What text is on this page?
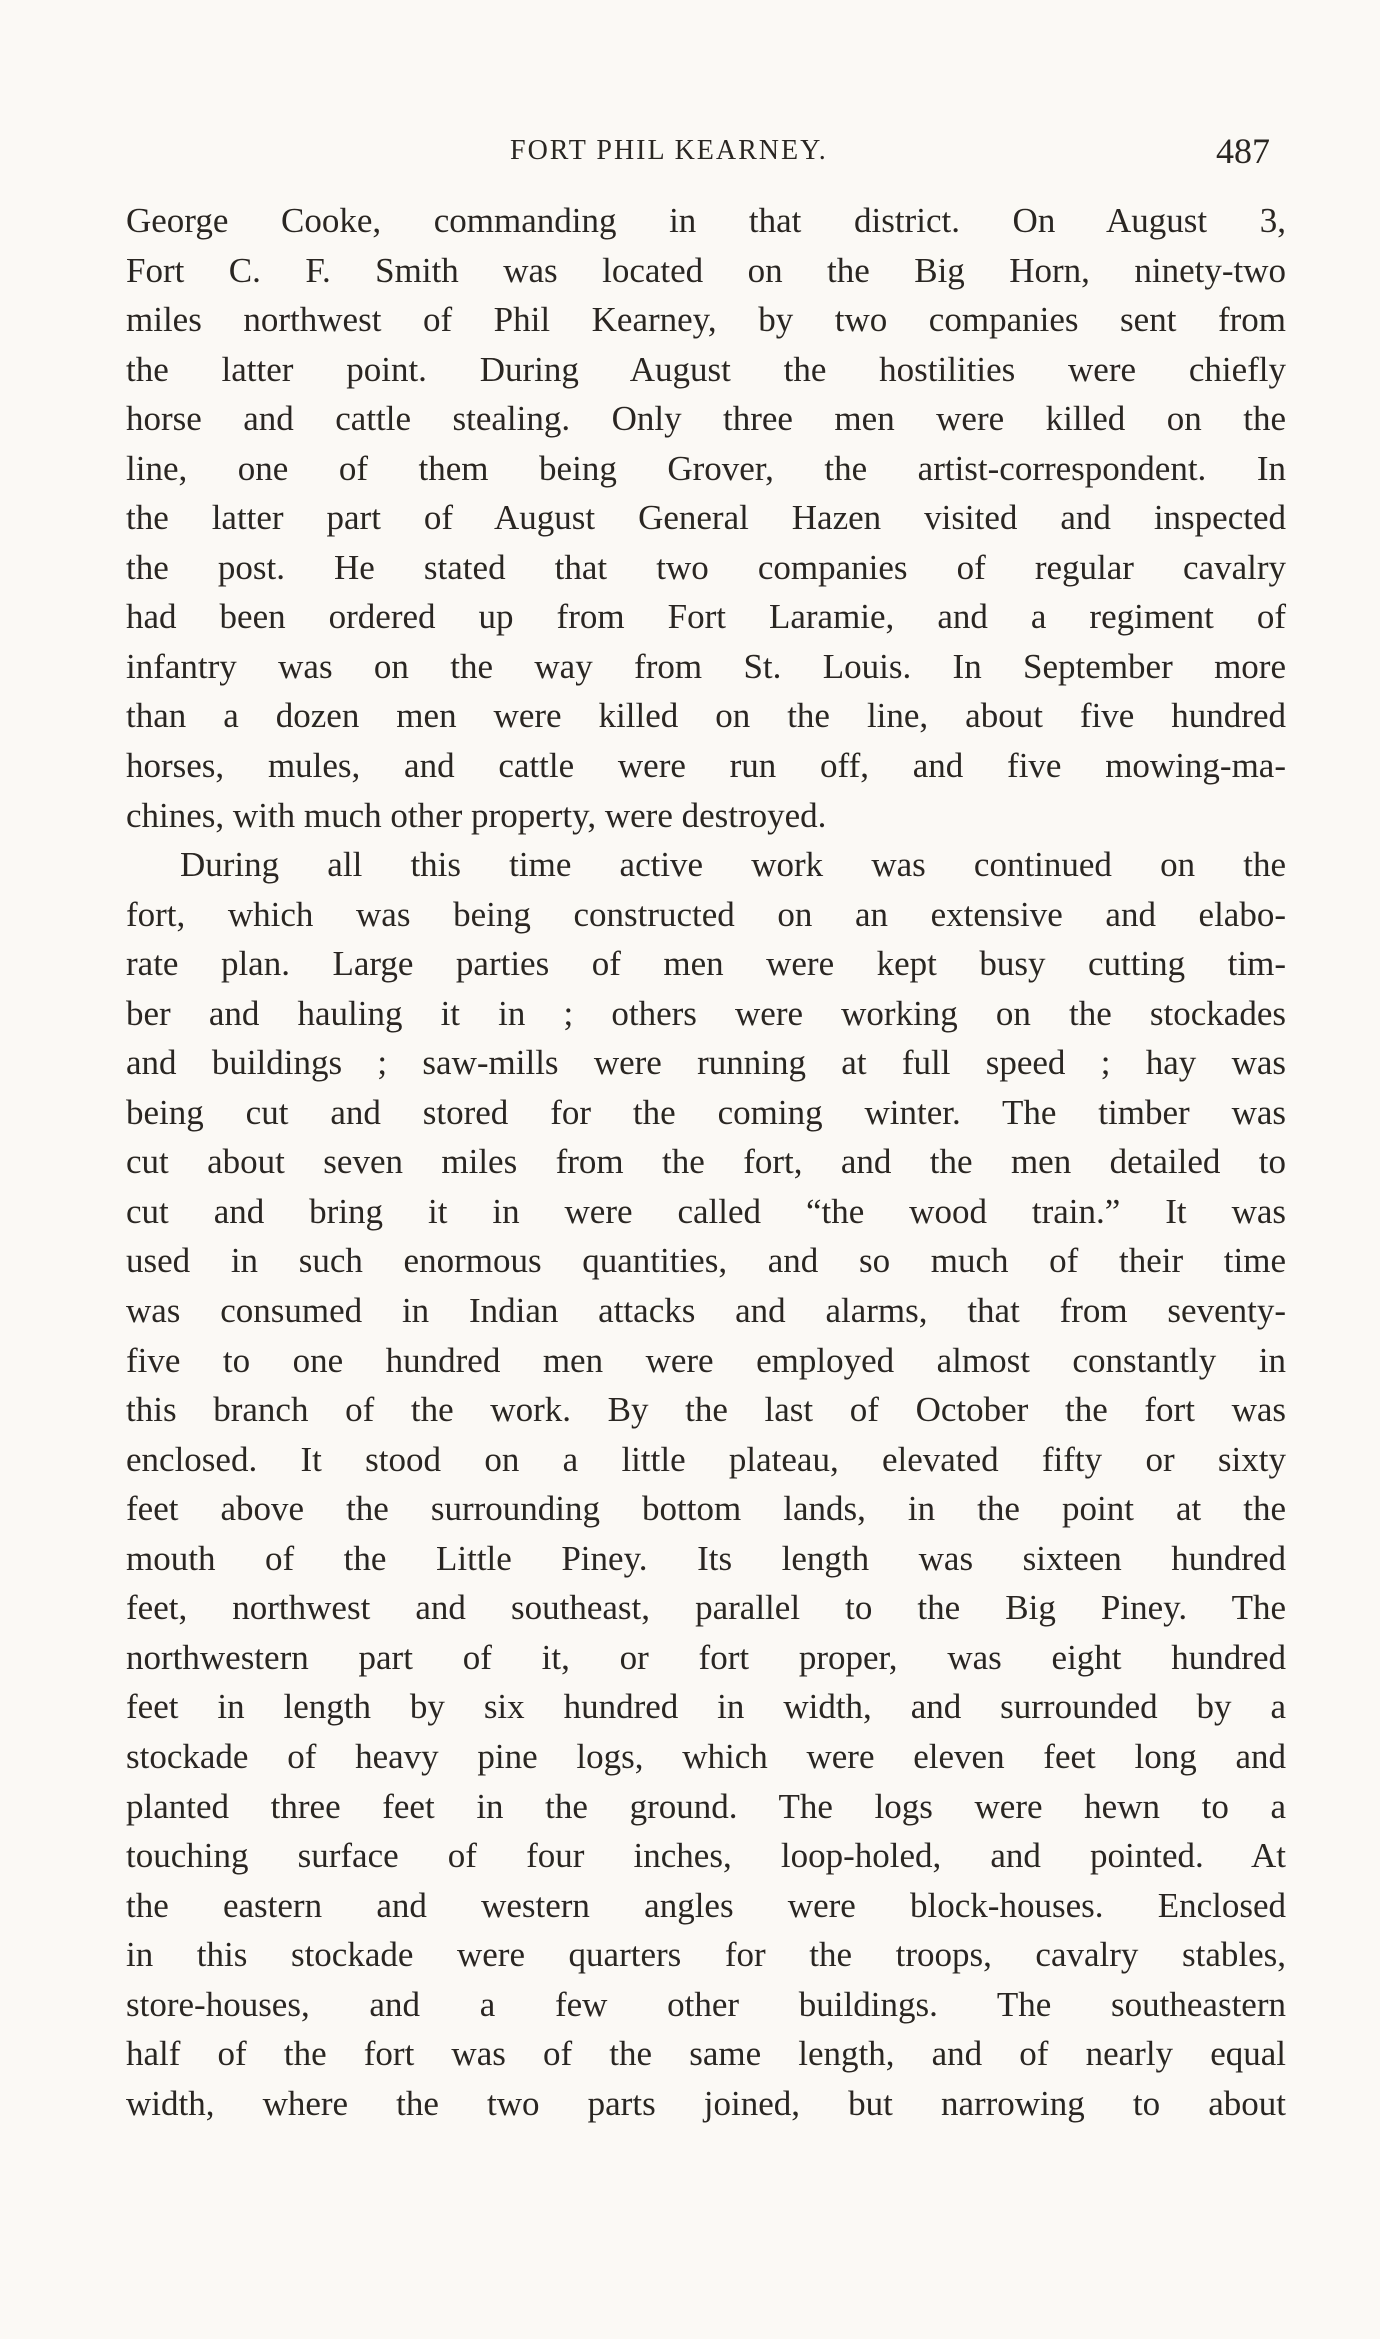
FORT PHIL KEARNEY.	487
George Cooke, commanding in that district. On August 3,
Fort C. F. Smith was located on the Big Horn, ninety-two
miles northwest of Phil Kearney, by two companies sent from
the latter point. During August the hostilities were chiefly
horse and cattle stealing. Only three men were killed on the
line, one of them being Grover, the artist-correspondent. In
the latter part of August General Hazen visited and inspected
the post. He stated that two companies of regular cavalry
had been ordered up from Fort Laramie, and a regiment of
infantry was on the way from St. Louis. In September more
than a dozen men were killed on the line, about five hundred
horses, mules, and cattle were run off, and five mowing-ma-
chines, with much other property, were destroyed.
During all this time active work was continued on the
fort, which was being constructed on an extensive and elabo-
rate plan. Large parties of men were kept busy cutting tim-
ber and hauling it in ; others were working on the stockades
and buildings ; saw-mills were running at full speed ; hay was
being cut and stored for the coming winter. The timber was
cut about seven miles from the fort, and the men detailed to
cut and bring it in were called “the wood train.” It was
used in such enormous quantities, and so much of their time
was consumed in Indian attacks and alarms, that from seventy-
five to one hundred men were employed almost constantly in
this branch of the work. By the last of October the fort was
enclosed. It stood on a little plateau, elevated fifty or sixty
feet above the surrounding bottom lands, in the point at the
mouth of the Little Piney. Its length was sixteen hundred
feet, northwest and southeast, parallel to the Big Piney. The
northwestern part of it, or fort proper, was eight hundred
feet in length by six hundred in width, and surrounded by a
stockade of heavy pine logs, which were eleven feet long and
planted three feet in the ground. The logs were hewn to a
touching surface of four inches, loop-holed, and pointed. At
the eastern and western angles were block-houses. Enclosed
in this stockade were quarters for the troops, cavalry stables,
store-houses, and a few other buildings. The southeastern
half of the fort was of the same length, and of nearly equal
width, where the two parts joined, but narrowing to about
